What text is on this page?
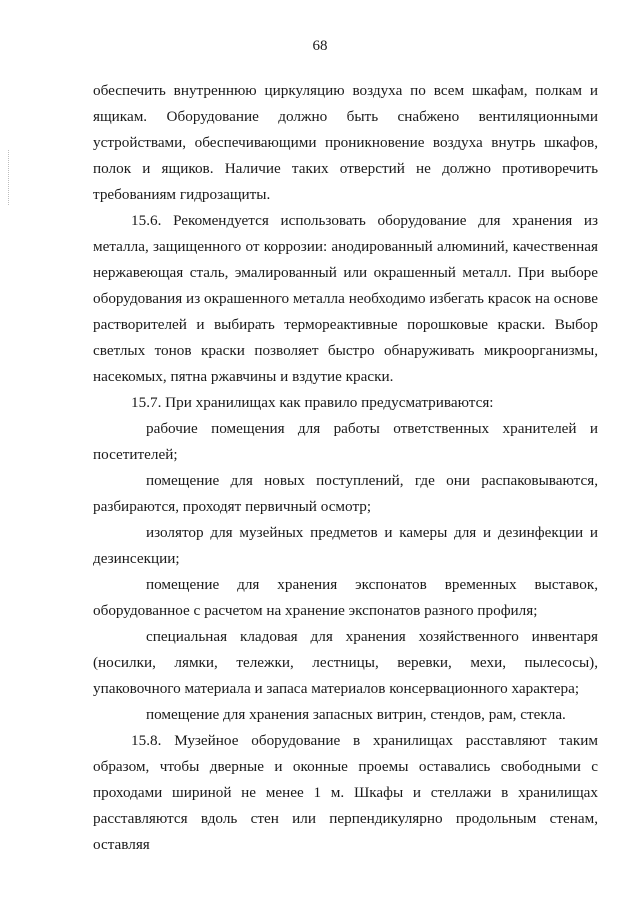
68

обеспечить внутреннюю циркуляцию воздуха по всем шкафам, полкам и ящикам. Оборудование должно быть снабжено вентиляционными устройствами, обеспечивающими проникновение воздуха внутрь шкафов, полок и ящиков. Наличие таких отверстий не должно противоречить требованиям гидрозащиты.

15.6. Рекомендуется использовать оборудование для хранения из металла, защищенного от коррозии: анодированный алюминий, качественная нержавеющая сталь, эмалированный или окрашенный металл. При выборе оборудования из окрашенного металла необходимо избегать красок на основе растворителей и выбирать термореактивные порошковые краски. Выбор светлых тонов краски позволяет быстро обнаруживать микроорганизмы, насекомых, пятна ржавчины и вздутие краски.

15.7. При хранилищах как правило предусматриваются:

рабочие помещения для работы ответственных хранителей и посетителей;

помещение для новых поступлений, где они распаковываются, разбираются, проходят первичный осмотр;

изолятор для музейных предметов и камеры для и дезинфекции и дезинсекции;

помещение для хранения экспонатов временных выставок, оборудованное с расчетом на хранение экспонатов разного профиля;

специальная кладовая для хранения хозяйственного инвентаря (носилки, лямки, тележки, лестницы, веревки, мехи, пылесосы), упаковочного материала и запаса материалов консервационного характера;

помещение для хранения запасных витрин, стендов, рам, стекла.

15.8. Музейное оборудование в хранилищах расставляют таким образом, чтобы дверные и оконные проемы оставались свободными с проходами шириной не менее 1 м. Шкафы и стеллажи в хранилищах расставляются вдоль стен или перпендикулярно продольным стенам, оставляя
